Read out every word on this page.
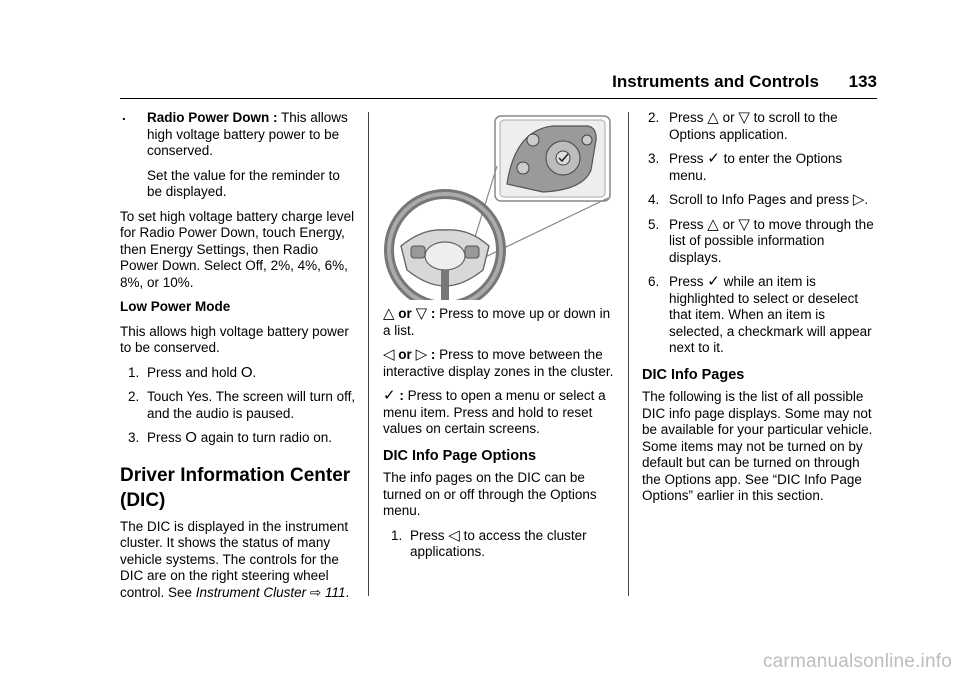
Instruments and Controls 133
. Radio Power Down : This allows high voltage battery power to be conserved.
Set the value for the reminder to be displayed.

To set high voltage battery charge level for Radio Power Down, touch Energy, then Energy Settings, then Radio Power Down. Select Off, 2%, 4%, 6%, 8%, or 10%.

Low Power Mode

This allows high voltage battery power to be conserved.

1. Press and hold O.
2. Touch Yes. The screen will turn off, and the audio is paused.
3. Press O again to turn radio on.
Driver Information Center (DIC)

The DIC is displayed in the instrument cluster. It shows the status of many vehicle systems. The controls for the DIC are on the right steering wheel control. See Instrument Cluster ⇨ 111.

△ or ▽ : Press to move up or down in a list.

◁ or ▷ : Press to move between the interactive display zones in the cluster.

✓ : Press to open a menu or select a menu item. Press and hold to reset values on certain screens.

DIC Info Page Options

The info pages on the DIC can be turned on or off through the Options menu.

1. Press ◁ to access the cluster applications.
2. Press △ or ▽ to scroll to the Options application.
3. Press ✓ to enter the Options menu.
4. Scroll to Info Pages and press ▷.
5. Press △ or ▽ to move through the list of possible information displays.
6. Press ✓ while an item is highlighted to select or deselect that item. When an item is selected, a checkmark will appear next to it.
DIC Info Pages

The following is the list of all possible DIC info page displays. Some may not be available for your particular vehicle. Some items may not be turned on by default but can be turned on through the Options app. See “DIC Info Page Options” earlier in this section.

carmanualsonline.info
